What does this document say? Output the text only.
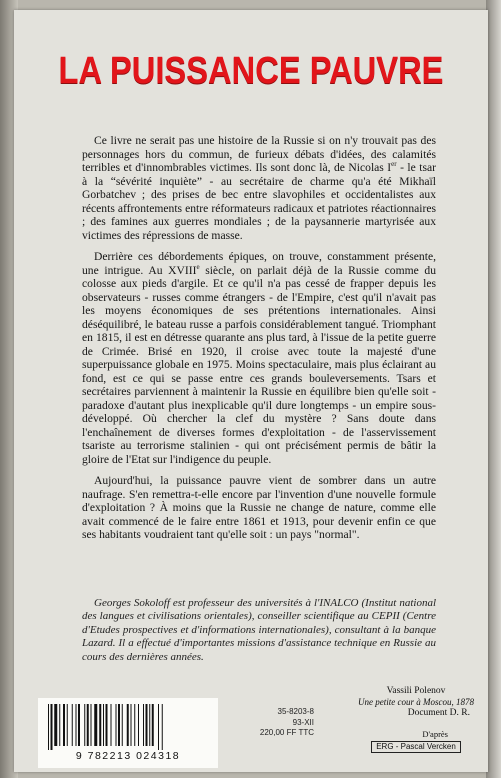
LA PUISSANCE PAUVRE

Ce livre ne serait pas une histoire de la Russie si on n'y trouvait pas des personnages hors du commun, de furieux débats d'idées, des calamités terribles et d'innombrables victimes. Ils sont donc là, de Nicolas Ier - le tsar à la “sévérité inquiète” - au secrétaire de charme qu'a été Mikhaïl Gorbatchev ; des prises de bec entre slavophiles et occidentalistes aux récents affrontements entre réformateurs radicaux et patriotes réactionnaires ; des famines aux guerres mondiales ; de la paysannerie martyrisée aux victimes des répressions de masse.

Derrière ces débordements épiques, on trouve, constamment présente, une intrigue. Au XVIIIe siècle, on parlait déjà de la Russie comme du colosse aux pieds d'argile. Et ce qu'il n'a pas cessé de frapper depuis les observateurs - russes comme étrangers - de l'Empire, c'est qu'il n'avait pas les moyens économiques de ses prétentions internationales. Ainsi déséquilibré, le bateau russe a parfois considérablement tangué. Triomphant en 1815, il est en détresse quarante ans plus tard, à l'issue de la petite guerre de Crimée. Brisé en 1920, il croise avec toute la majesté d'une superpuissance globale en 1975. Moins spectaculaire, mais plus éclairant au fond, est ce qui se passe entre ces grands bouleversements. Tsars et secrétaires parviennent à maintenir la Russie en équilibre bien qu'elle soit - paradoxe d'autant plus inexplicable qu'il dure longtemps - un empire sous-développé. Où chercher la clef du mystère ? Sans doute dans l'enchaînement de diverses formes d'exploitation - de l'asservissement tsariste au terrorisme stalinien - qui ont précisément permis de bâtir la gloire de l'Etat sur l'indigence du peuple.

Aujourd'hui, la puissance pauvre vient de sombrer dans un autre naufrage. S'en remettra-t-elle encore par l'invention d'une nouvelle formule d'exploitation ? À moins que la Russie ne change de nature, comme elle avait commencé de le faire entre 1861 et 1913, pour devenir enfin ce que ses habitants voudraient tant qu'elle soit : un pays "normal".

Georges Sokoloff est professeur des universités à l'INALCO (Institut national des langues et civilisations orientales), conseiller scientifique au CEPII (Centre d'Etudes prospectives et d'informations internationales), consultant à la banque Lazard. Il a effectué d'importantes missions d'assistance technique en Russie au cours des dernières années.

9 782213 024318
35-8203-8
93-XII
220,00 FF TTC
Vassili Polenov
Une petite cour à Moscou, 1878
Document D. R.
D'après
ERG - Pascal Vercken
